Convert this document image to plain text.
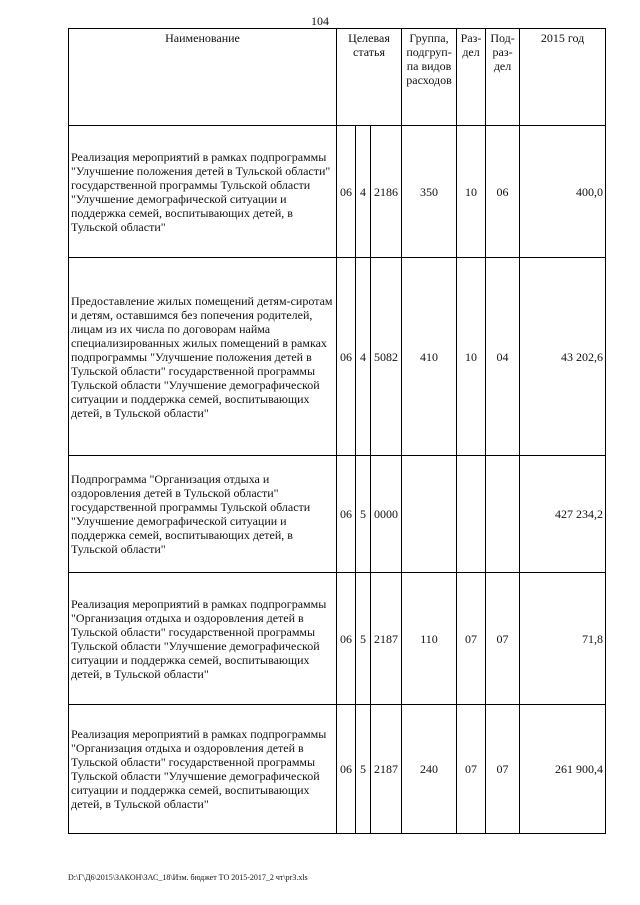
104
Наименование	Целевая статья			Группа, подгруп-па видов расходов	Раз-дел	Под-раз-дел	2015 год
Реализация мероприятий в рамках подпрограммы "Улучшение положения детей в Тульской области" государственной программы Тульской области "Улучшение демографической ситуации и поддержка семей, воспитывающих детей, в Тульской области"	06	4	2186	350	10	06	400,0
Предоставление жилых помещений детям-сиротам и детям, оставшимся без попечения родителей, лицам из их числа по договорам найма специализированных жилых помещений в рамках подпрограммы "Улучшение положения детей в Тульской области" государственной программы Тульской области "Улучшение демографической ситуации и поддержка семей, воспитывающих детей, в Тульской области"	06	4	5082	410	10	04	43 202,6
Подпрограмма "Организация отдыха и оздоровления детей в Тульской области" государственной программы Тульской области "Улучшение демографической ситуации и поддержка семей, воспитывающих детей, в Тульской области"	06	5	0000				427 234,2
Реализация мероприятий в рамках подпрограммы "Организация отдыха и оздоровления детей в Тульской области" государственной программы Тульской области "Улучшение демографической ситуации и поддержка семей, воспитывающих детей, в Тульской области"	06	5	2187	110	07	07	71,8
Реализация мероприятий в рамках подпрограммы "Организация отдыха и оздоровления детей в Тульской области" государственной программы Тульской области "Улучшение демографической ситуации и поддержка семей, воспитывающих детей, в Тульской области"	06	5	2187	240	07	07	261 900,4
D:\Г\Д6\2015\ЗАКОН\ЗАС_18\Изм. бюджет ТО 2015-2017_2 чт\pr3.xls
